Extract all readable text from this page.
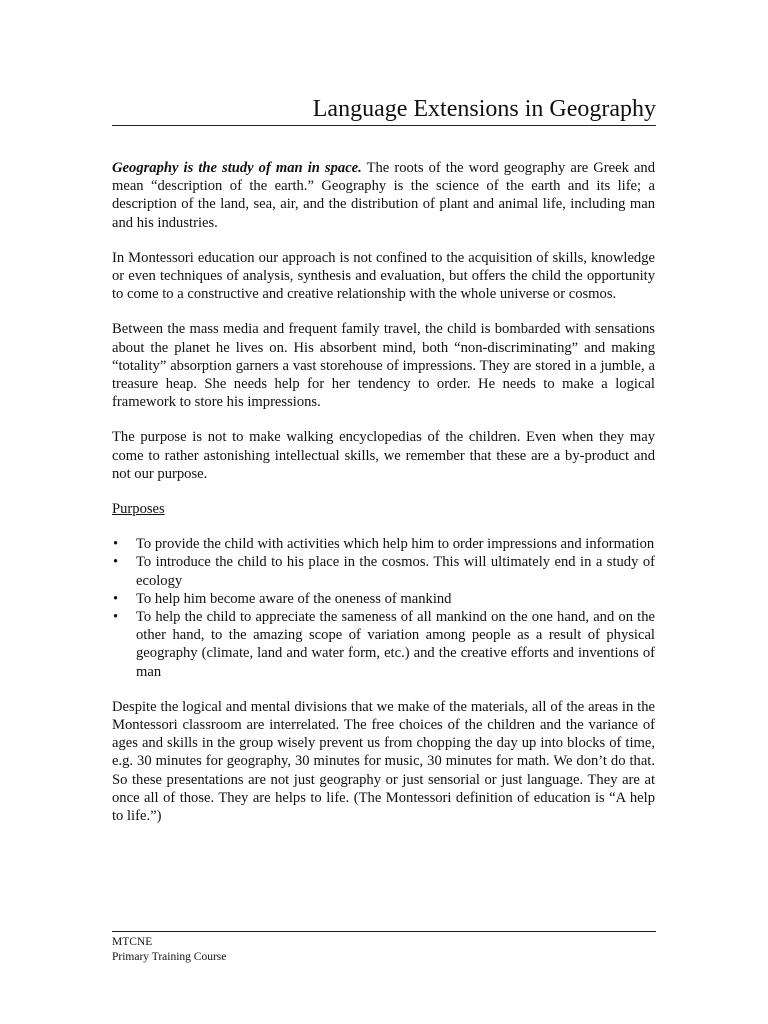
Language Extensions in Geography

Geography is the study of man in space. The roots of the word geography are Greek and mean “description of the earth.” Geography is the science of the earth and its life; a description of the land, sea, air, and the distribution of plant and animal life, including man and his industries.

In Montessori education our approach is not confined to the acquisition of skills, knowledge or even techniques of analysis, synthesis and evaluation, but offers the child the opportunity to come to a constructive and creative relationship with the whole universe or cosmos.

Between the mass media and frequent family travel, the child is bombarded with sensations about the planet he lives on. His absorbent mind, both “non-discriminating” and making “totality” absorption garners a vast storehouse of impressions. They are stored in a jumble, a treasure heap. She needs help for her tendency to order. He needs to make a logical framework to store his impressions.

The purpose is not to make walking encyclopedias of the children. Even when they may come to rather astonishing intellectual skills, we remember that these are a by-product and not our purpose.

Purposes

• To provide the child with activities which help him to order impressions and information
• To introduce the child to his place in the cosmos. This will ultimately end in a study of ecology
• To help him become aware of the oneness of mankind
• To help the child to appreciate the sameness of all mankind on the one hand, and on the other hand, to the amazing scope of variation among people as a result of physical geography (climate, land and water form, etc.) and the creative efforts and inventions of man

Despite the logical and mental divisions that we make of the materials, all of the areas in the Montessori classroom are interrelated. The free choices of the children and the variance of ages and skills in the group wisely prevent us from chopping the day up into blocks of time, e.g. 30 minutes for geography, 30 minutes for music, 30 minutes for math. We don’t do that. So these presentations are not just geography or just sensorial or just language. They are at once all of those. They are helps to life. (The Montessori definition of education is “A help to life.”)

MTCNE
Primary Training Course
